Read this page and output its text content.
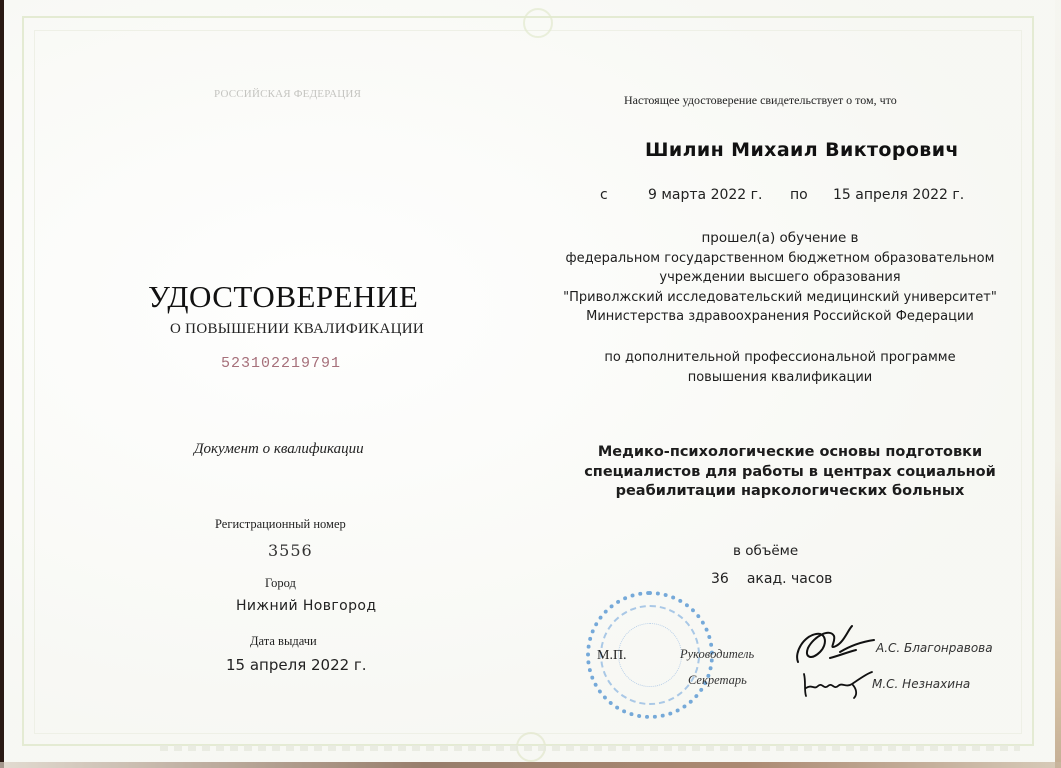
РОССИЙСКАЯ ФЕДЕРАЦИЯ
УДОСТОВЕРЕНИЕ
О ПОВЫШЕНИИ КВАЛИФИКАЦИИ
523102219791
Документ о квалификации
Регистрационный номер
3556
Город
Нижний Новгород
Дата выдачи
15 апреля 2022 г.
Настоящее удостоверение свидетельствует о том, что
Шилин Михаил Викторович
с	9 марта 2022 г. по 15 апреля 2022 г.
прошел(а) обучение в
федеральном государственном бюджетном образовательном
учреждении высшего образования
"Приволжский исследовательский медицинский университет"
Министерства здравоохранения Российской Федерации
по дополнительной профессиональной программе
повышения квалификации
Медико-психологические основы подготовки
специалистов для работы в центрах социальной
реабилитации наркологических больных
в объёме
36 акад. часов
М.П.	Руководитель
Секретарь
А.С. Благонравова
М.С. Незнахина
